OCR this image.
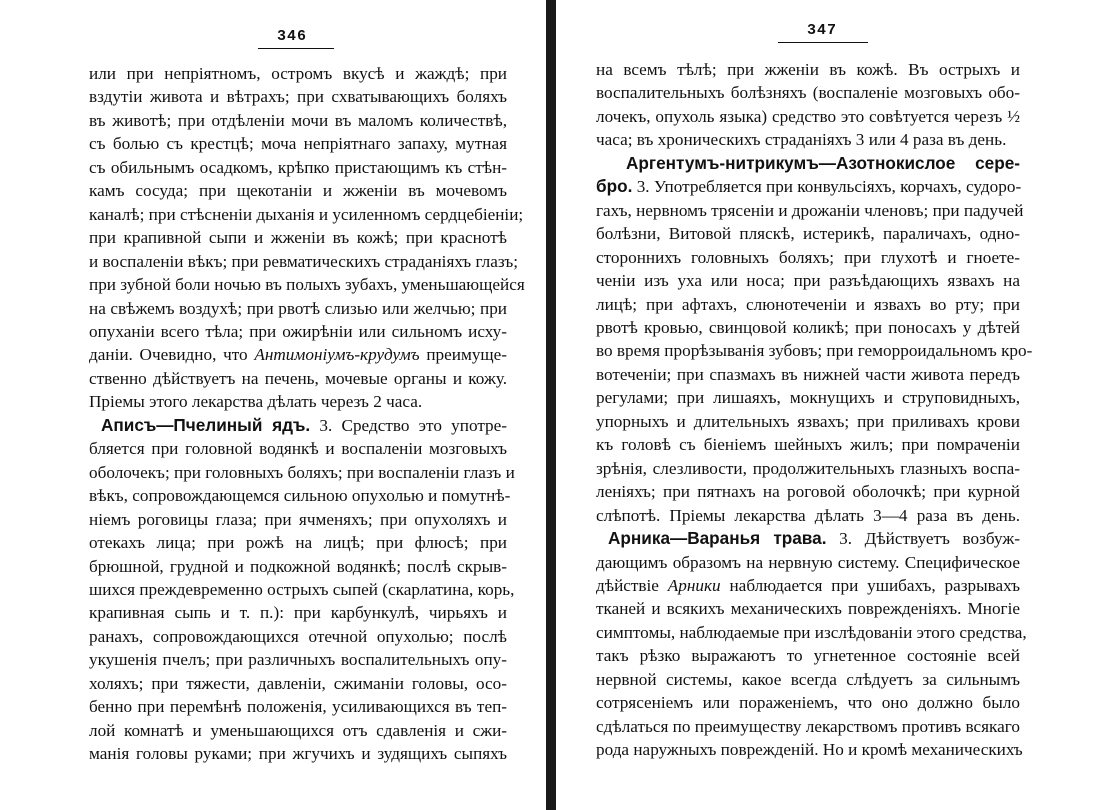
346
или при непріятномъ, остромъ вкусѣ и жаждѣ; при
вздутіи живота и вѣтрахъ; при схватывающихъ боляхъ
въ животѣ; при отдѣленіи мочи въ маломъ количествѣ,
съ болью съ крестцѣ; моча непріятнаго запаху, мутная
съ обильнымъ осадкомъ, крѣпко пристающимъ къ стѣн-
камъ сосуда; при щекотаніи и жженіи въ мочевомъ
каналѣ; при стѣсненіи дыханія и усиленномъ сердцебіеніи;
при крапивной сыпи и жженіи въ кожѣ; при краснотѣ
и воспаленіи вѣкъ; при ревматическихъ страданіяхъ глазъ;
при зубной боли ночью въ полыхъ зубахъ, уменьшающейся
на свѣжемъ воздухѣ; при рвотѣ слизью или желчью; при
опуханіи всего тѣла; при ожирѣніи или сильномъ исху-
даніи. Очевидно, что Антимоніумъ-крудумъ преимуще-
ственно дѣйствуетъ на печень, мочевые органы и кожу.
Пріемы этого лекарства дѣлать черезъ 2 часа.
Аписъ—Пчелиный ядъ. 3. Средство это употре-
бляется при головной водянкѣ и воспаленіи мозговыхъ
оболочекъ; при головныхъ боляхъ; при воспаленіи глазъ и
вѣкъ, сопровождающемся сильною опухолью и помутнѣ-
ніемъ роговицы глаза; при ячменяхъ; при опухоляхъ и
отекахъ лица; при рожѣ на лицѣ; при флюсѣ; при
брюшной, грудной и подкожной водянкѣ; послѣ скрыв-
шихся преждевременно острыхъ сыпей (скарлатина, корь,
крапивная сыпь и т. п.): при карбункулѣ, чирьяхъ и
ранахъ, сопровождающихся отечной опухолью; послѣ
укушенія пчелъ; при различныхъ воспалительныхъ опу-
холяхъ; при тяжести, давленіи, сжиманіи головы, осо-
бенно при перемѣнѣ положенія, усиливающихся въ теп-
лой комнатѣ и уменьшающихся отъ сдавленія и сжи-
манія головы руками; при жгучихъ и зудящихъ сыпяхъ
347
на всемъ тѣлѣ; при жженіи въ кожѣ. Въ острыхъ и
воспалительныхъ болѣзняхъ (воспаленіе мозговыхъ обо-
лочекъ, опухоль языка) средство это совѣтуется черезъ ½
часа; въ хроническихъ страданіяхъ 3 или 4 раза въ день.
Аргентумъ-нитрикумъ—Азотнокислое сере-
бро. 3. Употребляется при конвульсіяхъ, корчахъ, судоро-
гахъ, нервномъ трясеніи и дрожаніи членовъ; при падучей
болѣзни, Витовой пляскѣ, истерикѣ, параличахъ, одно-
стороннихъ головныхъ боляхъ; при глухотѣ и гноете-
ченіи изъ уха или носа; при разъѣдающихъ язвахъ на
лицѣ; при афтахъ, слюнотеченіи и язвахъ во рту; при
рвотѣ кровью, свинцовой коликѣ; при поносахъ у дѣтей
во время прорѣзыванія зубовъ; при геморроидальномъ кро-
вотеченіи; при спазмахъ въ нижней части живота передъ
регулами; при лишаяхъ, мокнущихъ и струповидныхъ,
упорныхъ и длительныхъ язвахъ; при приливахъ крови
къ головѣ съ біеніемъ шейныхъ жилъ; при помраченіи
зрѣнія, слезливости, продолжительныхъ глазныхъ воспа-
леніяхъ; при пятнахъ на роговой оболочкѣ; при курной
слѣпотѣ. Пріемы лекарства дѣлать 3—4 раза въ день.
Арника—Варанья трава. 3. Дѣйствуетъ возбуж-
дающимъ образомъ на нервную систему. Специфическое
дѣйствіе Арники наблюдается при ушибахъ, разрывахъ
тканей и всякихъ механическихъ поврежденіяхъ. Многіе
симптомы, наблюдаемые при изслѣдованіи этого средства,
такъ рѣзко выражаютъ то угнетенное состояніе всей
нервной системы, какое всегда слѣдуетъ за сильнымъ
сотрясеніемъ или пораженіемъ, что оно должно было
сдѣлаться по преимуществу лекарствомъ противъ всякаго
рода наружныхъ поврежденій. Но и кромѣ механическихъ
